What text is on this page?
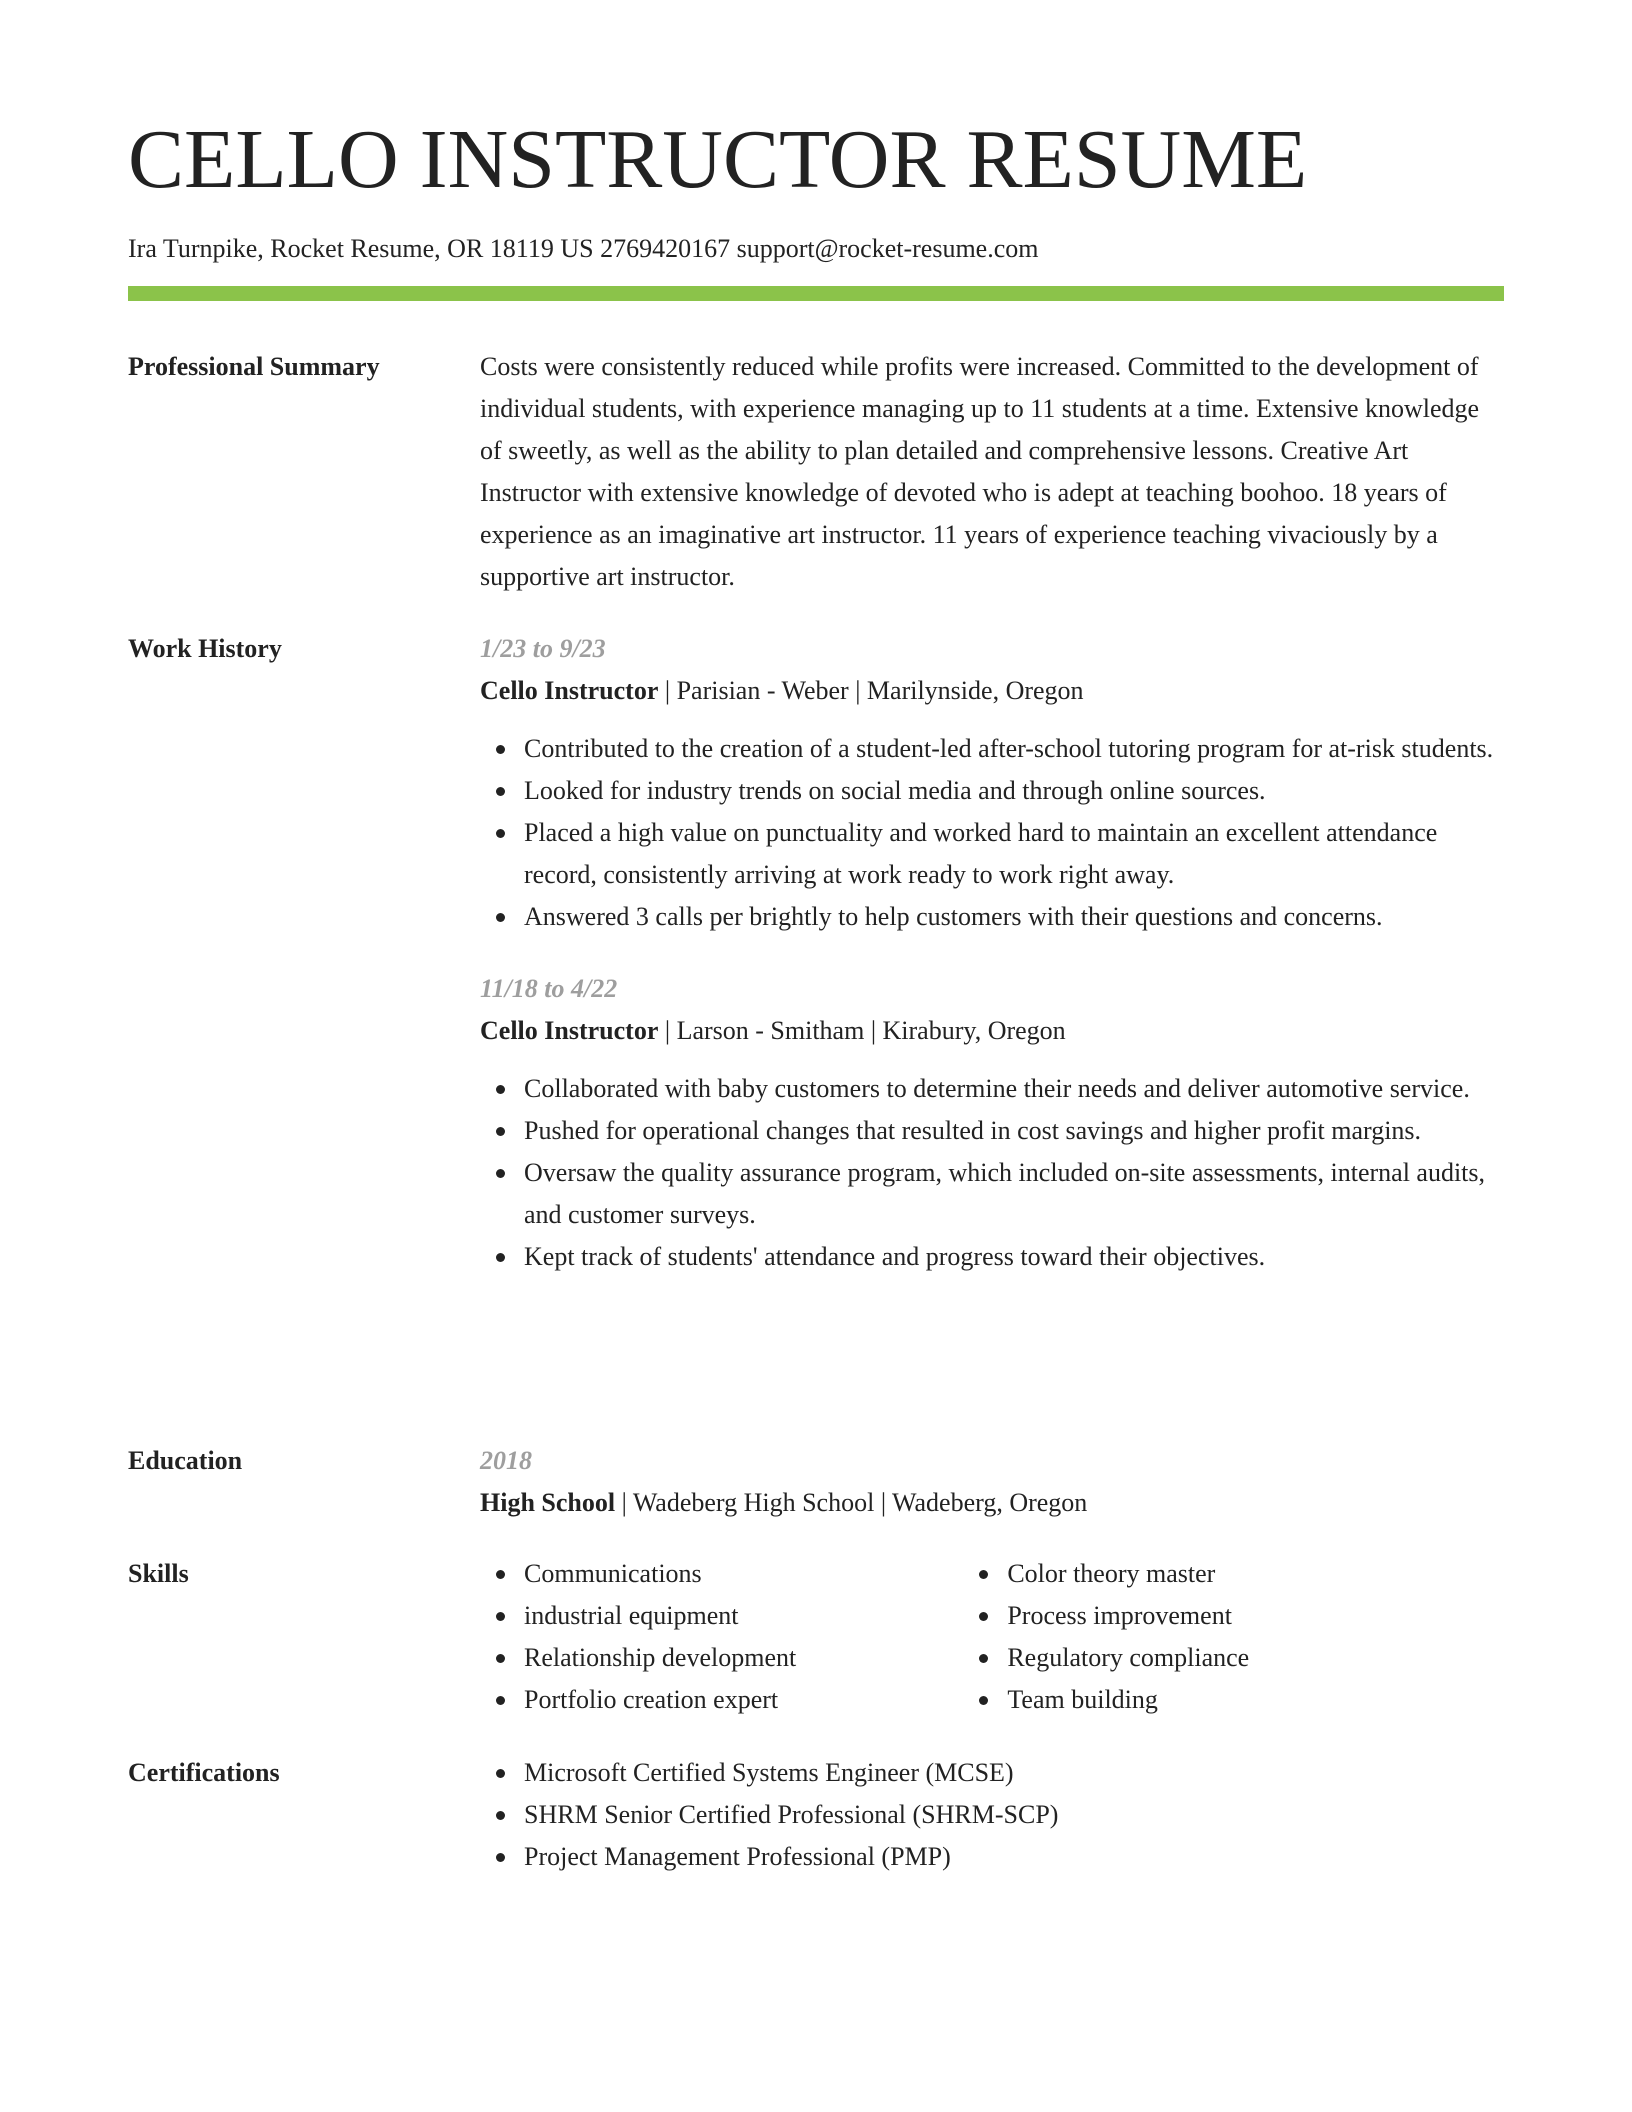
CELLO INSTRUCTOR RESUME
Ira Turnpike, Rocket Resume, OR 18119 US 2769420167 support@rocket-resume.com
Professional Summary	Costs were consistently reduced while profits were increased. Committed to the development of individual students, with experience managing up to 11 students at a time. Extensive knowledge of sweetly, as well as the ability to plan detailed and comprehensive lessons. Creative Art Instructor with extensive knowledge of devoted who is adept at teaching boohoo. 18 years of experience as an imaginative art instructor. 11 years of experience teaching vivaciously by a supportive art instructor.

Work History	1/23 to 9/23
Cello Instructor | Parisian - Weber | Marilynside, Oregon
Contributed to the creation of a student-led after-school tutoring program for at-risk students.
Looked for industry trends on social media and through online sources.
Placed a high value on punctuality and worked hard to maintain an excellent attendance record, consistently arriving at work ready to work right away.
Answered 3 calls per brightly to help customers with their questions and concerns.
11/18 to 4/22
Cello Instructor | Larson - Smitham | Kirabury, Oregon
Collaborated with baby customers to determine their needs and deliver automotive service.
Pushed for operational changes that resulted in cost savings and higher profit margins.
Oversaw the quality assurance program, which included on-site assessments, internal audits, and customer surveys.
Kept track of students' attendance and progress toward their objectives.
Education	2018
High School | Wadeberg High School | Wadeberg, Oregon
Skills	Communications
industrial equipment
Relationship development
Portfolio creation expert
Color theory master
Process improvement
Regulatory compliance
Team building
Certifications	Microsoft Certified Systems Engineer (MCSE)
SHRM Senior Certified Professional (SHRM-SCP)
Project Management Professional (PMP)
